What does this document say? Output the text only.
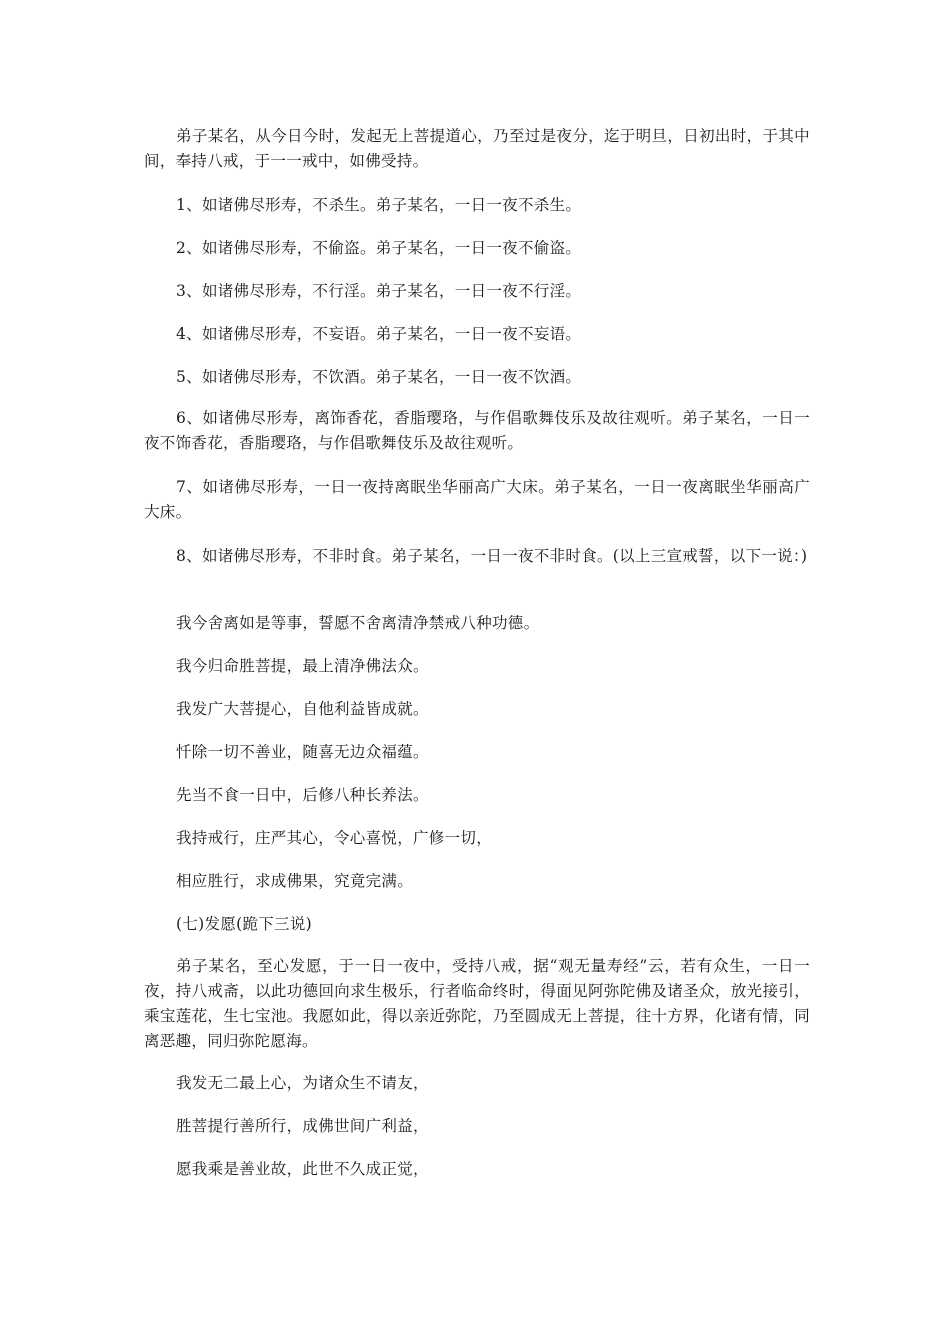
弟子某名，从今日今时，发起无上菩提道心，乃至过是夜分，迄于明旦，日初出时，于其中间，奉持八戒，于一一戒中，如佛受持。

1、如诸佛尽形寿，不杀生。弟子某名，一日一夜不杀生。

2、如诸佛尽形寿，不偷盗。弟子某名，一日一夜不偷盗。

3、如诸佛尽形寿，不行淫。弟子某名，一日一夜不行淫。

4、如诸佛尽形寿，不妄语。弟子某名，一日一夜不妄语。

5、如诸佛尽形寿，不饮酒。弟子某名，一日一夜不饮酒。

6、如诸佛尽形寿，离饰香花，香脂璎珞，与作倡歌舞伎乐及故往观听。弟子某名，一日一夜不饰香花，香脂璎珞，与作倡歌舞伎乐及故往观听。

7、如诸佛尽形寿，一日一夜持离眠坐华丽高广大床。弟子某名，一日一夜离眠坐华丽高广大床。

8、如诸佛尽形寿，不非时食。弟子某名，一日一夜不非时食。(以上三宣戒誓，以下一说：)

我今舍离如是等事，誓愿不舍离清净禁戒八种功德。

我今归命胜菩提，最上清净佛法众。

我发广大菩提心，自他利益皆成就。

忏除一切不善业，随喜无边众福蕴。

先当不食一日中，后修八种长养法。

我持戒行，庄严其心，令心喜悦，广修一切，

相应胜行，求成佛果，究竟完满。

(七)发愿(跪下三说)

弟子某名，至心发愿，于一日一夜中，受持八戒，据“观无量寿经”云，若有众生，一日一夜，持八戒斋，以此功德回向求生极乐，行者临命终时，得面见阿弥陀佛及诸圣众，放光接引，乘宝莲花，生七宝池。我愿如此，得以亲近弥陀，乃至圆成无上菩提，往十方界，化诸有情，同离恶趣，同归弥陀愿海。

我发无二最上心，为诸众生不请友，

胜菩提行善所行，成佛世间广利益，

愿我乘是善业故，此世不久成正觉，
